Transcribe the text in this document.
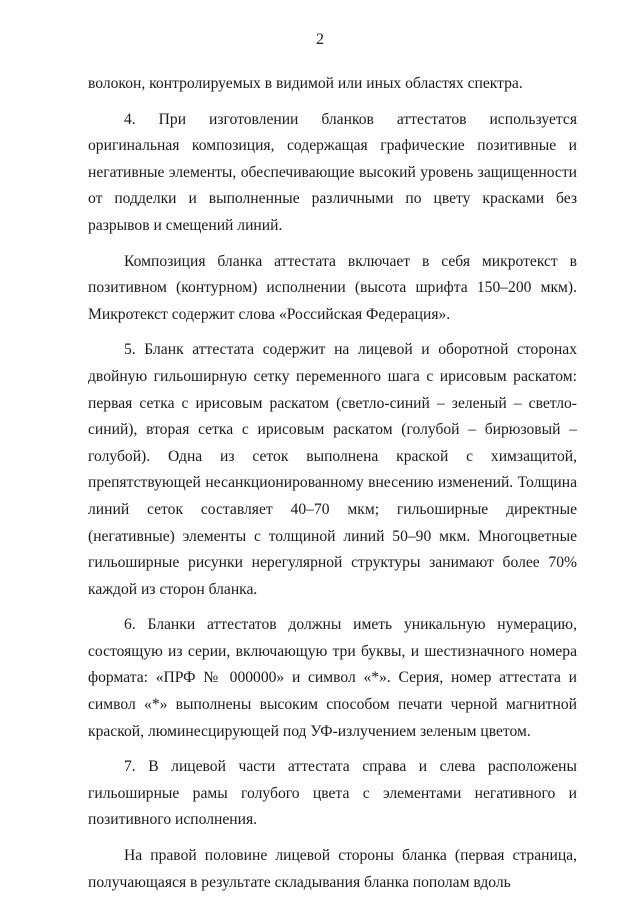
2

волокон, контролируемых в видимой или иных областях спектра.

4. При изготовлении бланков аттестатов используется оригинальная композиция, содержащая графические позитивные и негативные элементы, обеспечивающие высокий уровень защищенности от подделки и выполненные различными по цвету красками без разрывов и смещений линий.

Композиция бланка аттестата включает в себя микротекст в позитивном (контурном) исполнении (высота шрифта 150–200 мкм). Микротекст содержит слова «Российская Федерация».

5. Бланк аттестата содержит на лицевой и оборотной сторонах двойную гильоширную сетку переменного шага с ирисовым раскатом: первая сетка с ирисовым раскатом (светло-синий – зеленый – светло-синий), вторая сетка с ирисовым раскатом (голубой – бирюзовый – голубой). Одна из сеток выполнена краской с химзащитой, препятствующей несанкционированному внесению изменений. Толщина линий сеток составляет 40–70 мкм; гильоширные директные (негативные) элементы с толщиной линий 50–90 мкм. Многоцветные гильоширные рисунки нерегулярной структуры занимают более 70% каждой из сторон бланка.

6. Бланки аттестатов должны иметь уникальную нумерацию, состоящую из серии, включающую три буквы, и шестизначного номера формата: «ПРФ № 000000» и символ «*». Серия, номер аттестата и символ «*» выполнены высоким способом печати черной магнитной краской, люминесцирующей под УФ-излучением зеленым цветом.

7. В лицевой части аттестата справа и слева расположены гильоширные рамы голубого цвета с элементами негативного и позитивного исполнения.

На правой половине лицевой стороны бланка (первая страница, получающаяся в результате складывания бланка пополам вдоль
